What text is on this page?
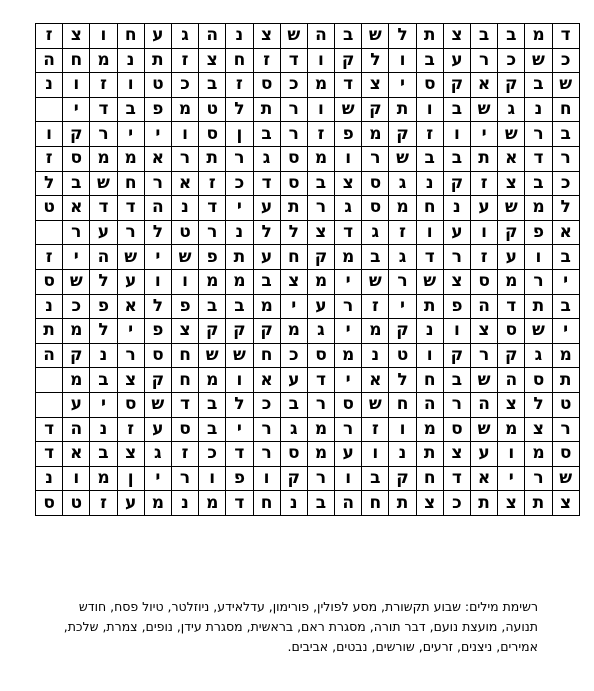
ז	צ	ו	ח	ע	ג	ה	נ	צ	ש	ה	ב	ש	ל	ת	צ	ב	ב	מ	ד
ה	ח	מ	נ	ת	ז	צ	ח	ז	ד	ו	ק	ל	ו	ב	ע	ר	כ	ש	כ
נ	ו	ז	ו	ט	כ	ב	ז	ס	כ	מ	ד	צ	י	ס	ק	א	ק	ב	ש
	י	ד	ב	פ	מ	ט	ל	ת	ר	ו	ש	ק	ת	ו	ב	ש	ג	נ	ח
ו	ק	ר	י	י	ו	ס	ן	ב	ר	ז	פ	מ	ק	ז	ו	י	ש	ר	ב
ז	ס	מ	מ	א	ר	ת	ר	ג	ס	מ	ו	ר	ש	ב	ב	ת	א	ד	ר
ל	ב	ש	ח	ר	א	ז	כ	ד	ס	ב	צ	ס	ג	נ	ק	ז	צ	ב	כ
ט	א	ד	ד	ה	נ	ד	י	ע	ת	ר	ג	ס	מ	ח	נ	ע	ש	מ	ל
	ר	ע	ר	ל	ט	ר	נ	ל	ל	צ	ד	ג	ז	ו	ע	ו	ק	פ	א
ז	י	ה	ש	י	ש	פ	ת	ע	ח	ק	מ	ב	ג	ד	ר	ז	ע	ו	ב
ס	ש	ל	ע	ו	ו	מ	מ	ב	צ	מ	י	ש	ר	ש	צ	ס	מ	ר	י
נ	כ	פ	א	ל	פ	ב	ב	מ	י	ע	ר	ז	י	ת	פ	ה	ד	ת	ב
ת	מ	ל	י	פ	צ	ק	ק	ק	מ	ג	י	מ	ק	נ	ו	צ	ס	ש	י
ה	ק	נ	ר	ס	ח	ש	ש	ח	כ	ס	מ	נ	ט	ו	ק	ר	ק	ג	מ
	מ	ב	צ	ק	ח	מ	ו	א	ע	ד	י	א	ל	ח	ב	ש	ה	ס	ת
	ע	י	ס	ש	ד	ב	ל	כ	ב	ר	ס	ש	ח	ה	ר	ה	צ	ל	ט
ד	ה	נ	ז	ע	ס	ב	י	ר	ג	מ	ר	ז	ו	מ	ס	ש	מ	צ	ר
ד	א	ב	צ	ג	ז	כ	ד	ר	ס	מ	ע	ו	נ	ת	צ	ע	ו	מ	ס
נ	ו	מ	ן	י	ר	ו	פ	ו	ק	ר	ו	ב	ק	ח	ד	א	י	ר	ש
ס	ט	ז	ע	מ	נ	מ	ד	ח	נ	ב	ה	ח	ת	צ	כ	ת	צ	ת	צ
רשימת מילים: שבוע תקשורת, מסע לפולין, פורימון, עדלאידע, ניוזלטר, טיול פסח, חודש תנועה, מועצת נועם, דבר תורה, מסגרת ראם, בראשית, מסגרת עידן, נופים, צמרת, שלכת, אמירים, ניצנים, זרעים, שורשים, נבטים, אביבים.
